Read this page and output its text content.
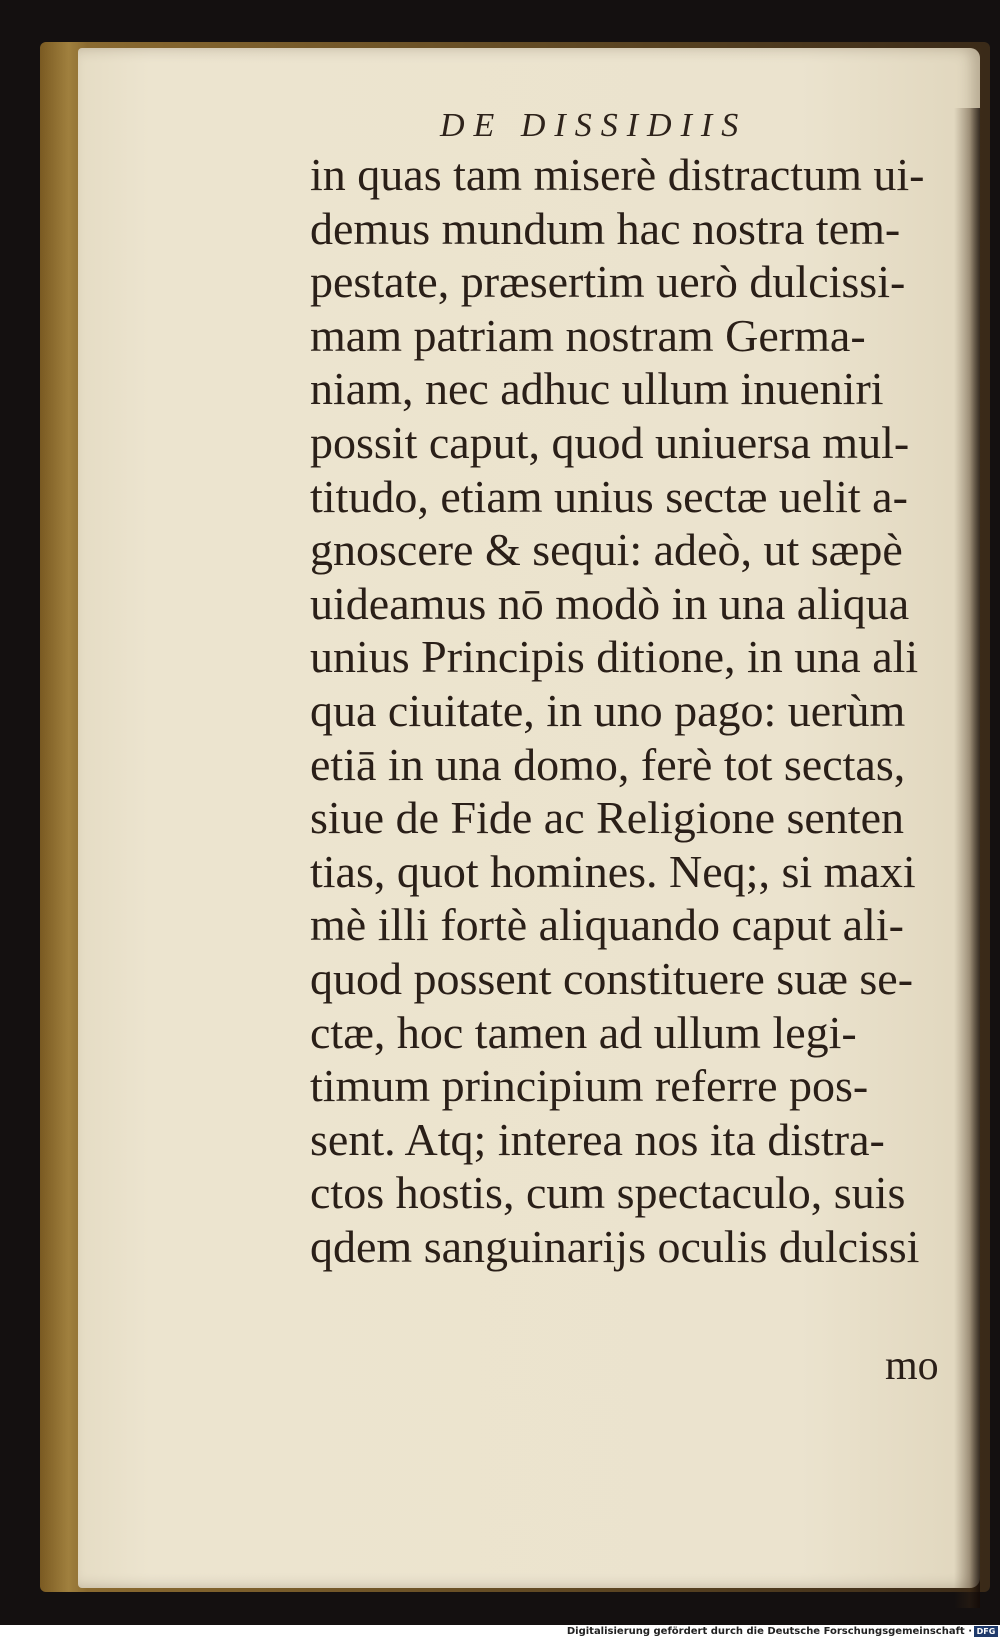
DE DISSIDIIS
in quas tam miserè distractum ui-
demus mundum hac nostra tem-
pestate, præsertim uerò dulcissi-
mam patriam nostram Germa-
niam, nec adhuc ullum inueniri
possit caput, quod uniuersa mul-
titudo, etiam unius sectæ uelit a-
gnoscere & sequi: adeò, ut sæpè
uideamus nō modò in una aliqua
unius Principis ditione, in una ali
qua ciuitate, in uno pago: uerùm
etiā in una domo, ferè tot sectas,
siue de Fide ac Religione senten
tias, quot homines. Neq;, si maxi
mè illi fortè aliquando caput ali-
quod possent constituere suæ se-
ctæ, hoc tamen ad ullum legi-
timum principium referre pos-
sent. Atq; interea nos ita distra-
ctos hostis, cum spectaculo, suis
qdem sanguinarijs oculis dulcissi
mo
Digitalisierung gefördert durch die Deutsche Forschungsgemeinschaft · DFG
